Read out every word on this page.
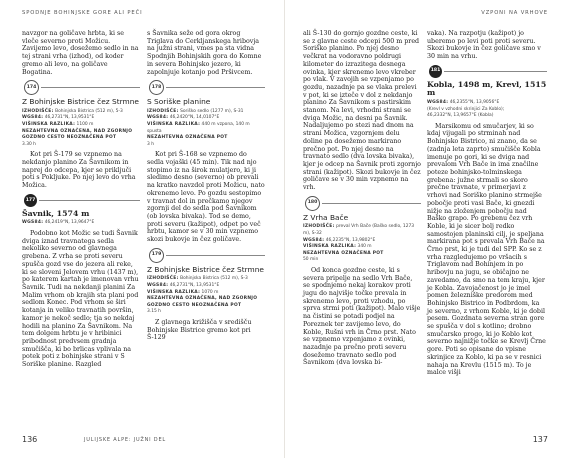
SPODNJE BOHINJSKE GORE ALI PEČI

navzgor na goličave hrbta, ki se vleče severno proti Možicu. Zavijemo levo, dosežemo sedlo in na tej strani vrha (izhod), od koder gremo ali levo, na goličave Bogatina.

174
Z Bohinjske Bistrice čez Strmne
IZHODIŠČE: Bohinjska Bistrica (512 m), 5-3
WGS84: 46,2731°N, 13,9531°E
VIŠINSKA RAZLIKA: 1100 m
NEZAHTEVNA OZNAČENA, NAD ZGORNJO
GOZDNO CESTO NEOZNAČENA POT
3.30 h

Kot pri Š-179 se vzpnemo na nekdanjo planino Za Šavnikom in naprej do odcepa, kjer se priključi poti s Pokljuke. Po njej levo do vrha Možica.

177
Šavnik, 1574 m
WGS84: 46,2419°N, 13,9647°E

Podobno kot Možic se tudi Šavnik dviga iznad travnatega sedla nekoliko severno od glavnega grebena. Z vrha se proti severu spušča gozd vse do jezera ali reke, ki se sloveni Jelovem vrhu (1437 m), po katerem kartah je imenovan vrhu Šavnik. Tudi na nekdanji planini Za Malim vrhom ob krajih sta plani pod sedlom Konec. Pod vrhom se širi kotanja in veliko travnatih površin, kamor je nekoč sedlo; tja so nekdaj hodili na planino Za Šavnikom. Na tem dolgem hrbtu je v hribinici pribodnost predvsem gradnja smučišča, ki bo brlicas vplivala na potek poti z bohinjske strani v S Soriške planine. Razgled

s Šavnika sežе od gora okrog Triglava do Cerkljanskega hribovja na južni strani, vmes pa sta vidna Spodnjih Bohinjskih gora do Komne in severa Bohinjsko jezero, ki zapolnjuje kotanjo pod Pršivcem.

178
S Soriške planine
IZHODIŠČE: Soriško sedlo (1277 m), S-31
WGS84: 46,2420°N, 14,0107°E
VIŠINSKA RAZLIKA: 440 m vzpona, 140 m spusta
NEZAHTEVNA OZNAČENA POT
3 h

Kot pri Š-168 se vzpnemo do sedla vojaški (45 min). Tik nad njo stopimo iz na širok mulatjero, ki ji sledimo desno (severno) ob prevali na kratko navzdol proti Možicu, nato okrenemo levo. Po gozdu sestopimo v travnat dol in prečkamo njegov zgornji del do sedla pod Šavnikom (ob lovska bivaka). Tod se demo, proti severu (kažipot), odpet po več hrbtu, kamor se v 30 min vzpnemo skozi bukovje in čez goličave.

179
Z Bohinjske Bistrice čez Strmne
IZHODIŠČE: Bohinjska Bistrica (512 m), S-3
WGS84: 46,2731°N, 13,9531°E
VIŠINSKA RAZLIKA: 1070 m
NEZAHTEVNA OZNAČENA, NAD ZGORNJO
GOZDNO CESTO NEOZNAČENA POT
3.15 h

Z glavnega križišča v središču Bohinjske Bistrice gremo kot pri Š-129

136	JULIJSKE ALPE: JUŽNI DEL
VZPONI NA VRHOVE

ali Š-130 do gornjo gozdne ceste, ki se z glavne ceste odcepi 500 m pred Soriško planino. Po njej desno večkrat na vodoravno poldrugi kilometer do izrazitega desnega ovinka, kjer skrenemo levo vkreber po vlak. V zavojih se vzpenjamo po gozdu, nazadnje pa se vlaka prelevi v pot, ki se izteče v dol z nekdanjo planino Za Šavnikom s pastirskim stanom. Na levi, vrhodni strani se dviga Možic, na desni pa Šavnik. Nadaljujemo po stezi nad dnom na strani Možica, vzgornjem delu doline pa dosežemo markirano prečno pot. Po njej desno na travnato sedlo (dva lovska bivaka), kjer je odcep na Šavnik proti zgornjo strani (kažipot). Skozi bukovje in čez goličave se v 30 min vzpnemo na vrh.

180
Z Vrha Bače
IZHODIŠČE: preval Vrh Bače (Baško sedlo, 1273 m), S-32
WGS84: 46,2235°N, 13,9802°E
VIŠINSKA RAZLIKA: 340 m
NEZAHTEVNA OZNAČENA POT
50 min

Od konca gozdne ceste, ki s severa pripelje na sedlo Vrh Bače, se spodnjemo nekaj korakov proti jugu do najvišje točke prevala in skrenemo levo, proti vzhodu, po sprva strmi poti (kažipot). Malo višje na čistini se potadi podjel na Poreznek ter zavijemo levo, do Koble, Rušni vrh in Črno prst. Nato se vzpnemo vzpenjamo z ovinki, nazadnje pa prečno proti severu dosežemo travnato sedlo pod Šavnikom (dva lovska bi-

vaka). Na razpotju (kažipot) jo uberemo po levi poti proti severu. Skozi bukovje in čez goličave smo v 30 min na vrhu.

181
Kobla, 1498 m, Krevl, 1515 m
WGS84: 46,2355°N, 13,9056°E
(Krevl v vzhodni skrinjici Za Koblo);
46,2332°N, 13,9657°E (Kobla)

Marsikomu od smučarjev, ki so kdaj vijugali po strminah nad Bohinjsko Bistrico, ni znano, da se (zadnja leta zaprto) smučišče Kobla imenuje po gori, ki se dviga nad prevalom Vrh Bače in ima značilne poteze bohinjsko-tolminskega grebena: južne strmali so skoro prečne travnate, v primerjavi z vrhovi nad Soriško planino strmejše pobočje proti vasi Bače, ki gnezdi nižje na zloženjem pobočju nad Baško grapo. Po grebenu čez vrh Koble, ki je sicer bolj redko samostojen planinski cilj, je speljana markirana pot s prevala Vrh Bače na Črno prst, ki je tudi del SPP. Ko se z vrha razgledujemo po vršacih s Triglavom nad Bohinjem in po hribovju na jugu, se običajno ne zavedamo, da smo na tem kraju, kjer je Kobla. Zavojačenost jo je imel pomen železniške predorom med Bohinjsko Bistrico in Podbrdom, ka je severno, z vrhom Koble, ki je dobil pesem. Gozdnata severna stran gore se spušča v dol s kotlino; drobno smučarsko progo, ki jo Koblo kot severno najnižje točke se Krevlj Črne gore. Poti so opisane do vpisne skrinjice za Koblo, ki pa se v resnici nahaja na Krevlu (1515 m). To je malce višji

137
